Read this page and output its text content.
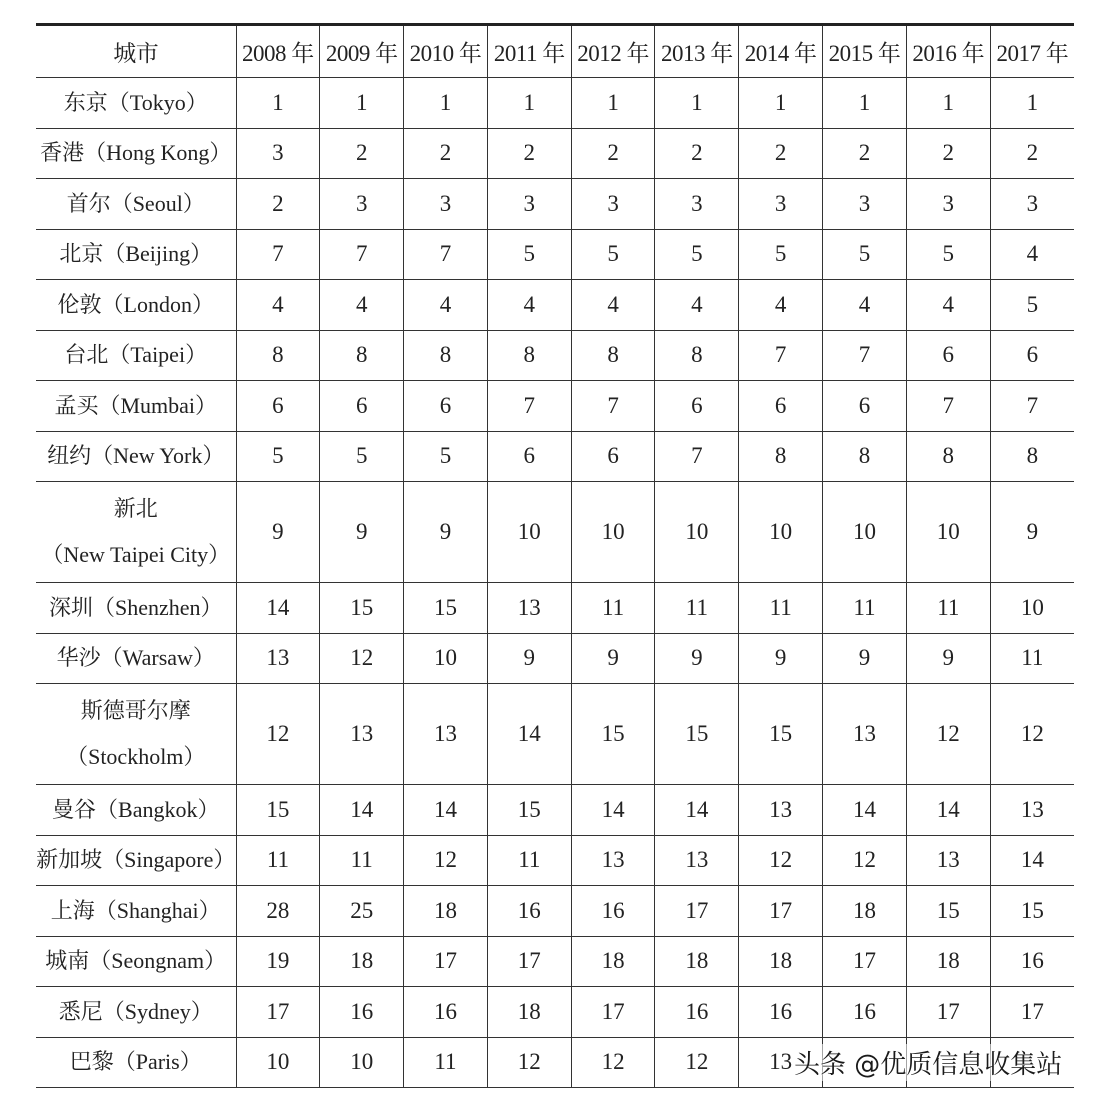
城市	2008 年	2009 年	2010 年	2011 年	2012 年	2013 年	2014 年	2015 年	2016 年	2017 年
东京（Tokyo）	1	1	1	1	1	1	1	1	1	1
香港（Hong Kong）	3	2	2	2	2	2	2	2	2	2
首尔（Seoul）	2	3	3	3	3	3	3	3	3	3
北京（Beijing）	7	7	7	5	5	5	5	5	5	4
伦敦（London）	4	4	4	4	4	4	4	4	4	5
台北（Taipei）	8	8	8	8	8	8	7	7	6	6
孟买（Mumbai）	6	6	6	7	7	6	6	6	7	7
纽约（New York）	5	5	5	6	6	7	8	8	8	8

新北
（New Taipei City）	9	9	9	10	10	10	10	10	10	9
深圳（Shenzhen）	14	15	15	13	11	11	11	11	11	10
华沙（Warsaw）	13	12	10	9	9	9	9	9	9	11

斯德哥尔摩
（Stockholm）	12	13	13	14	15	15	15	13	12	12
曼谷（Bangkok）	15	14	14	15	14	14	13	14	14	13
新加坡（Singapore）	11	11	12	11	13	13	12	12	13	14
上海（Shanghai）	28	25	18	16	16	17	17	18	15	15
城南（Seongnam）	19	18	17	17	18	18	18	17	18	16
悉尼（Sydney）	17	16	16	18	17	16	16	16	17	17
巴黎（Paris）	10	10	11	12	12	12	13			头条 @优质信息收集站
